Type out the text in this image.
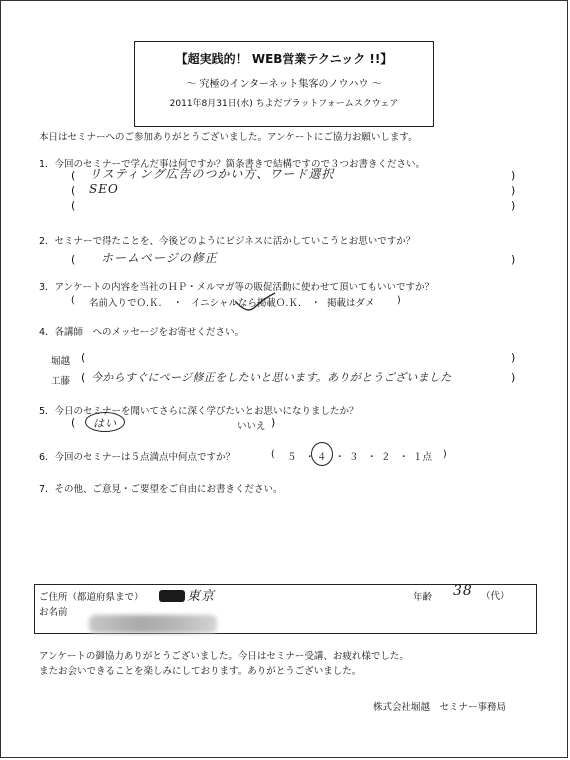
【超実践的！ WEB営業テクニック !!】
～ 究極のインターネット集客のノウハウ ～
2011年8月31日(水) ちよだプラットフォームスクウェア
本日はセミナーへのご参加ありがとうございました。アンケートにご協力お願いします。
1．今回のセミナーで学んだ事は何ですか？箇条書きで結構ですので３つお書きください。
( リスティング広告のつかい方、ワード選択	)
( SEO	)
(	)
2．セミナーで得たことを、今後どのようにビジネスに活かしていこうとお思いですか？
( ホームページの修正	)
3．アンケートの内容を当社のＨＰ・メルマガ等の販促活動に使わせて頂いてもいいですか？
( 名前入りでＯ.Ｋ. ・ イニシャルなら掲載Ｏ.Ｋ. ・ 掲載はダメ )
4．各講師　へのメッセージをお寄せください。
堀越 (	)
工藤 ( 今からすぐにページ修正をしたいと思います。ありがとうございました	)
5．今日のセミナーを聞いてさらに深く学びたいとお思いになりましたか？
( はい	いいえ )
6．今回のセミナーは５点満点中何点ですか？	( ５ ・ ４ ・ ３ ・ ２ ・ １点 )
7．その他、ご意見・ご要望をご自由にお書きください。
ご住所（都道府県まで）	東京
お名前
年齢 38 （代）
アンケートの御協力ありがとうございました。今日はセミナー受講、お疲れ様でした。
またお会いできることを楽しみにしております。ありがとうございました。
株式会社堀越　セミナー事務局
